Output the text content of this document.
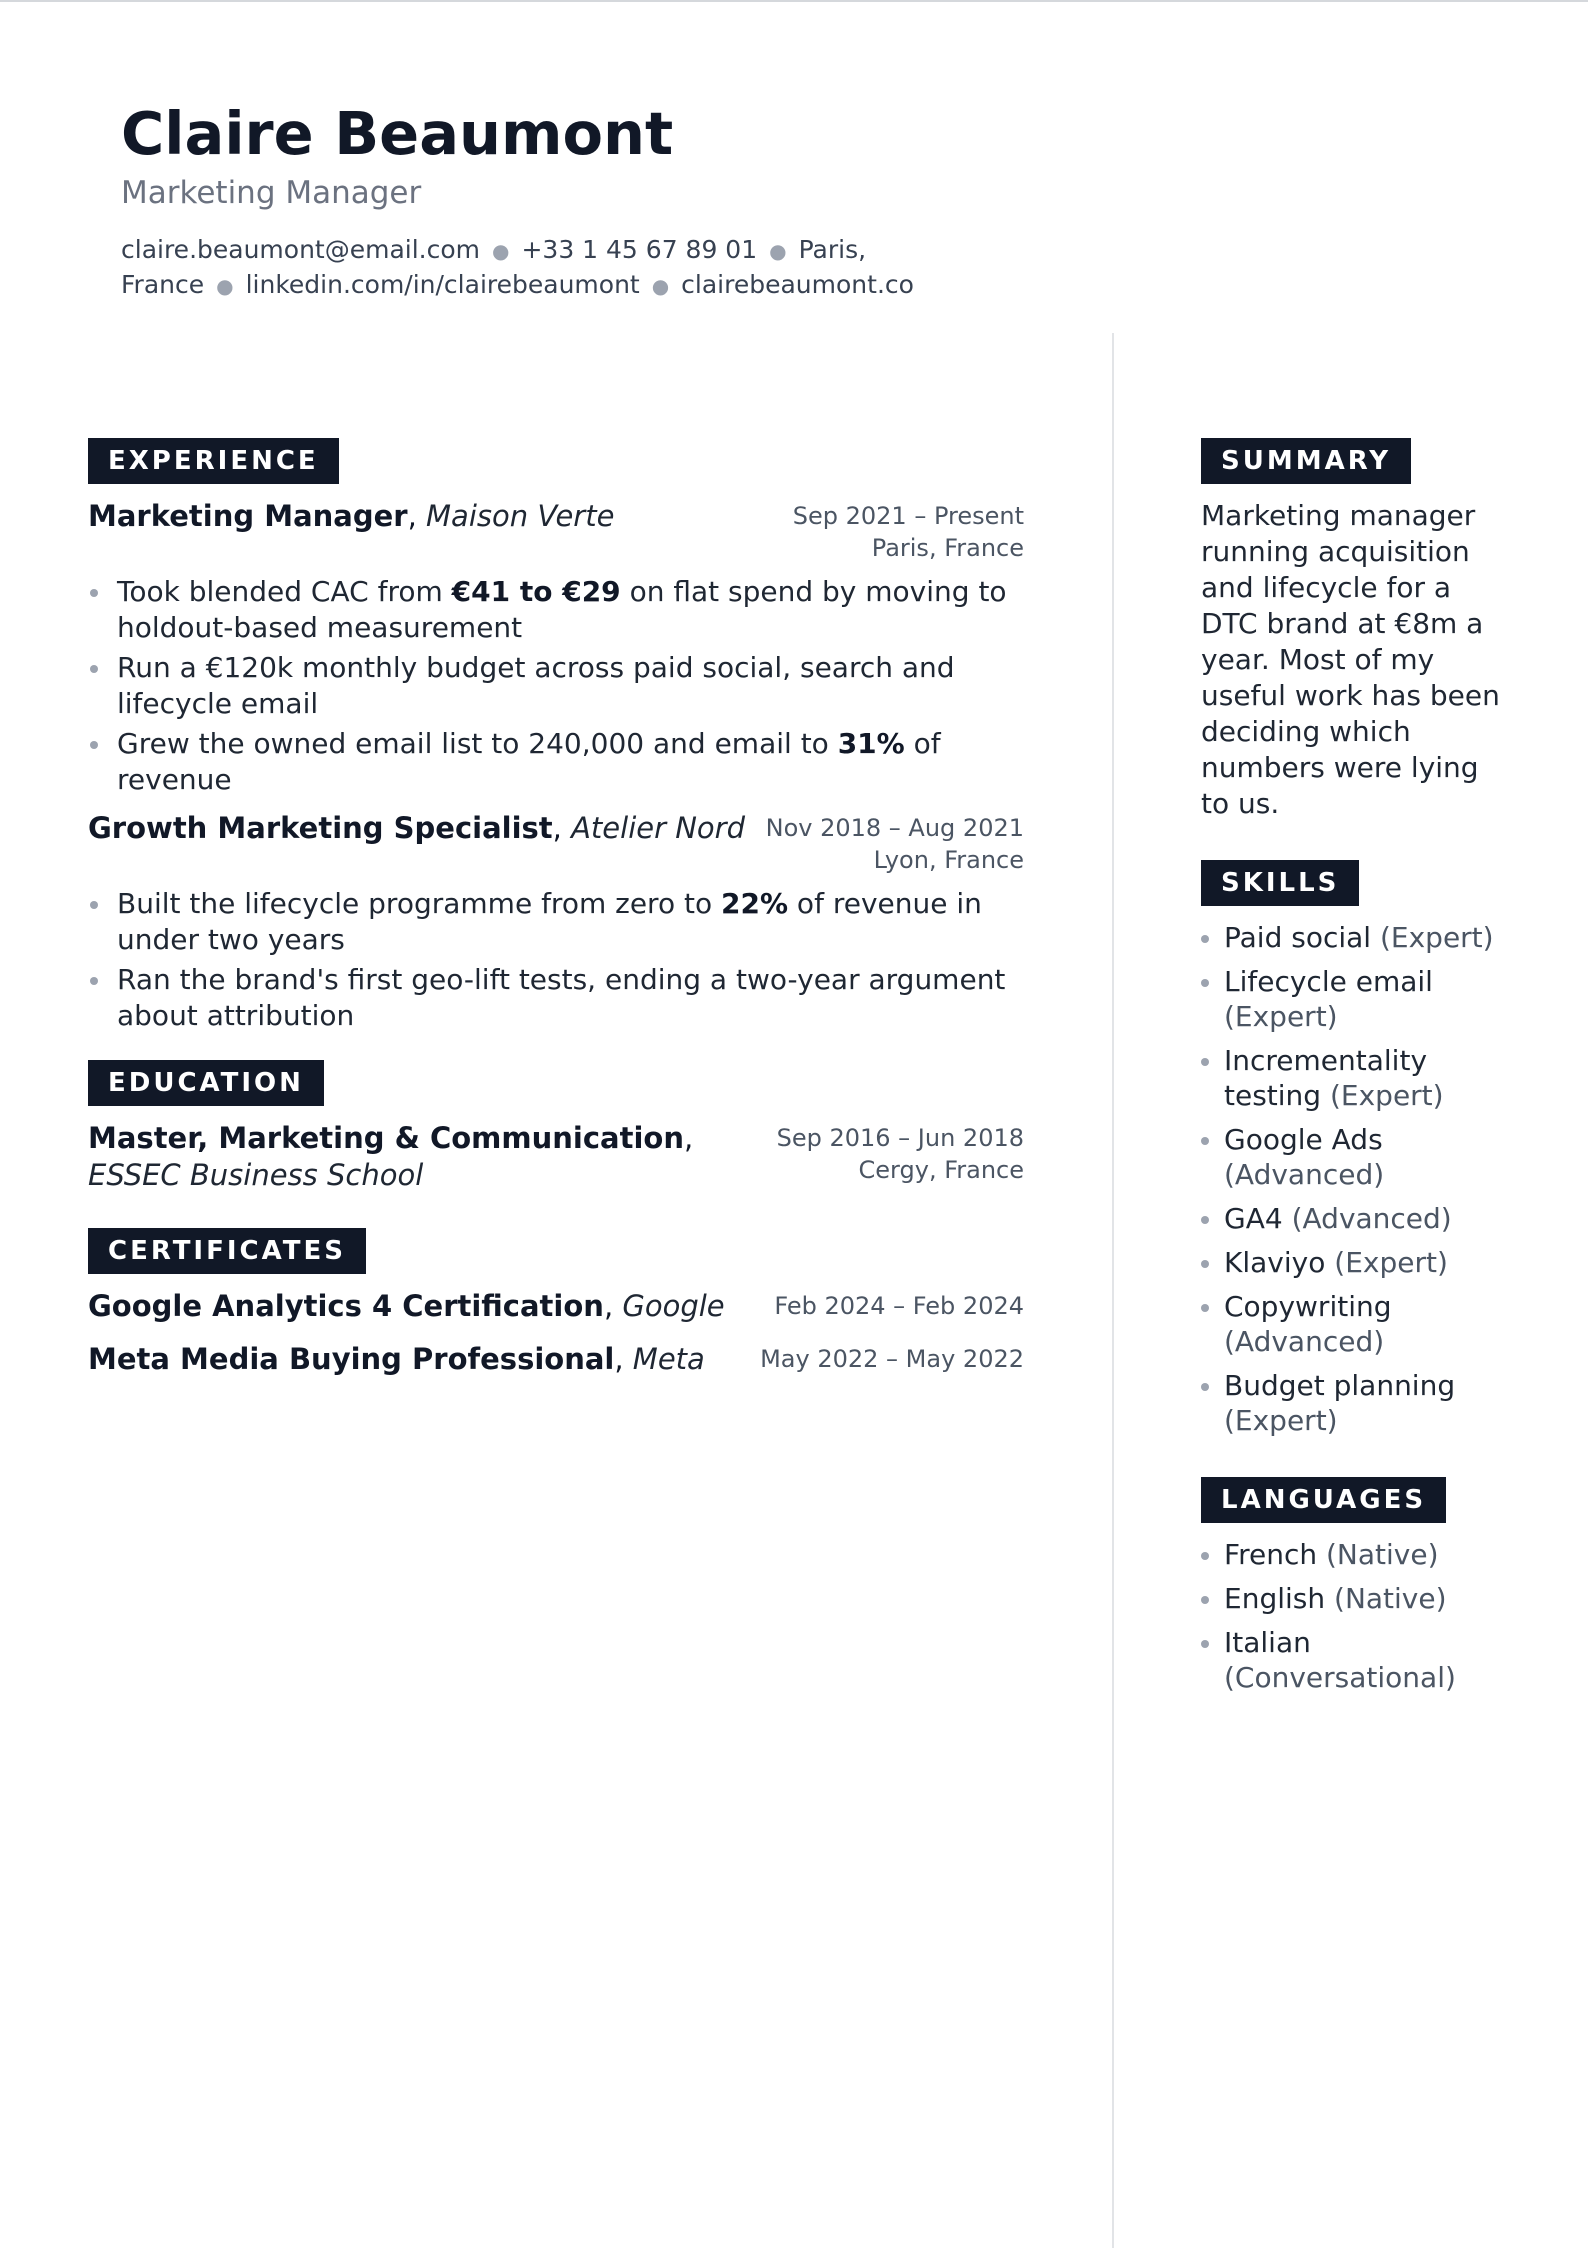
Claire Beaumont
Marketing Manager
claire.beaumont@email.com ● +33 1 45 67 89 01 ● Paris, France ● linkedin.com/in/clairebeaumont ● clairebeaumont.co
EXPERIENCE
Marketing Manager, Maison Verte	Sep 2021 – Present
Paris, France
Took blended CAC from €41 to €29 on flat spend by moving to holdout-based measurement
Run a €120k monthly budget across paid social, search and lifecycle email
Grew the owned email list to 240,000 and email to 31% of revenue
Growth Marketing Specialist, Atelier Nord Nov 2018 – Aug 2021
Lyon, France
Built the lifecycle programme from zero to 22% of revenue in under two years
Ran the brand's first geo-lift tests, ending a two-year argument about attribution
EDUCATION
Master, Marketing & Communication,
ESSEC Business School
Sep 2016 – Jun 2018
Cergy, France
CERTIFICATES
Google Analytics 4 Certification, Google Feb 2024 – Feb 2024
Meta Media Buying Professional, Meta May 2022 – May 2022
SUMMARY
Marketing manager running acquisition and lifecycle for a DTC brand at €8m a year. Most of my useful work has been deciding which numbers were lying to us.
SKILLS
Paid social (Expert)
Lifecycle email (Expert)
Incrementality testing (Expert)
Google Ads (Advanced)
GA4 (Advanced)
Klaviyo (Expert)
Copywriting (Advanced)
Budget planning (Expert)
LANGUAGES
French (Native)
English (Native)
Italian (Conversational)
